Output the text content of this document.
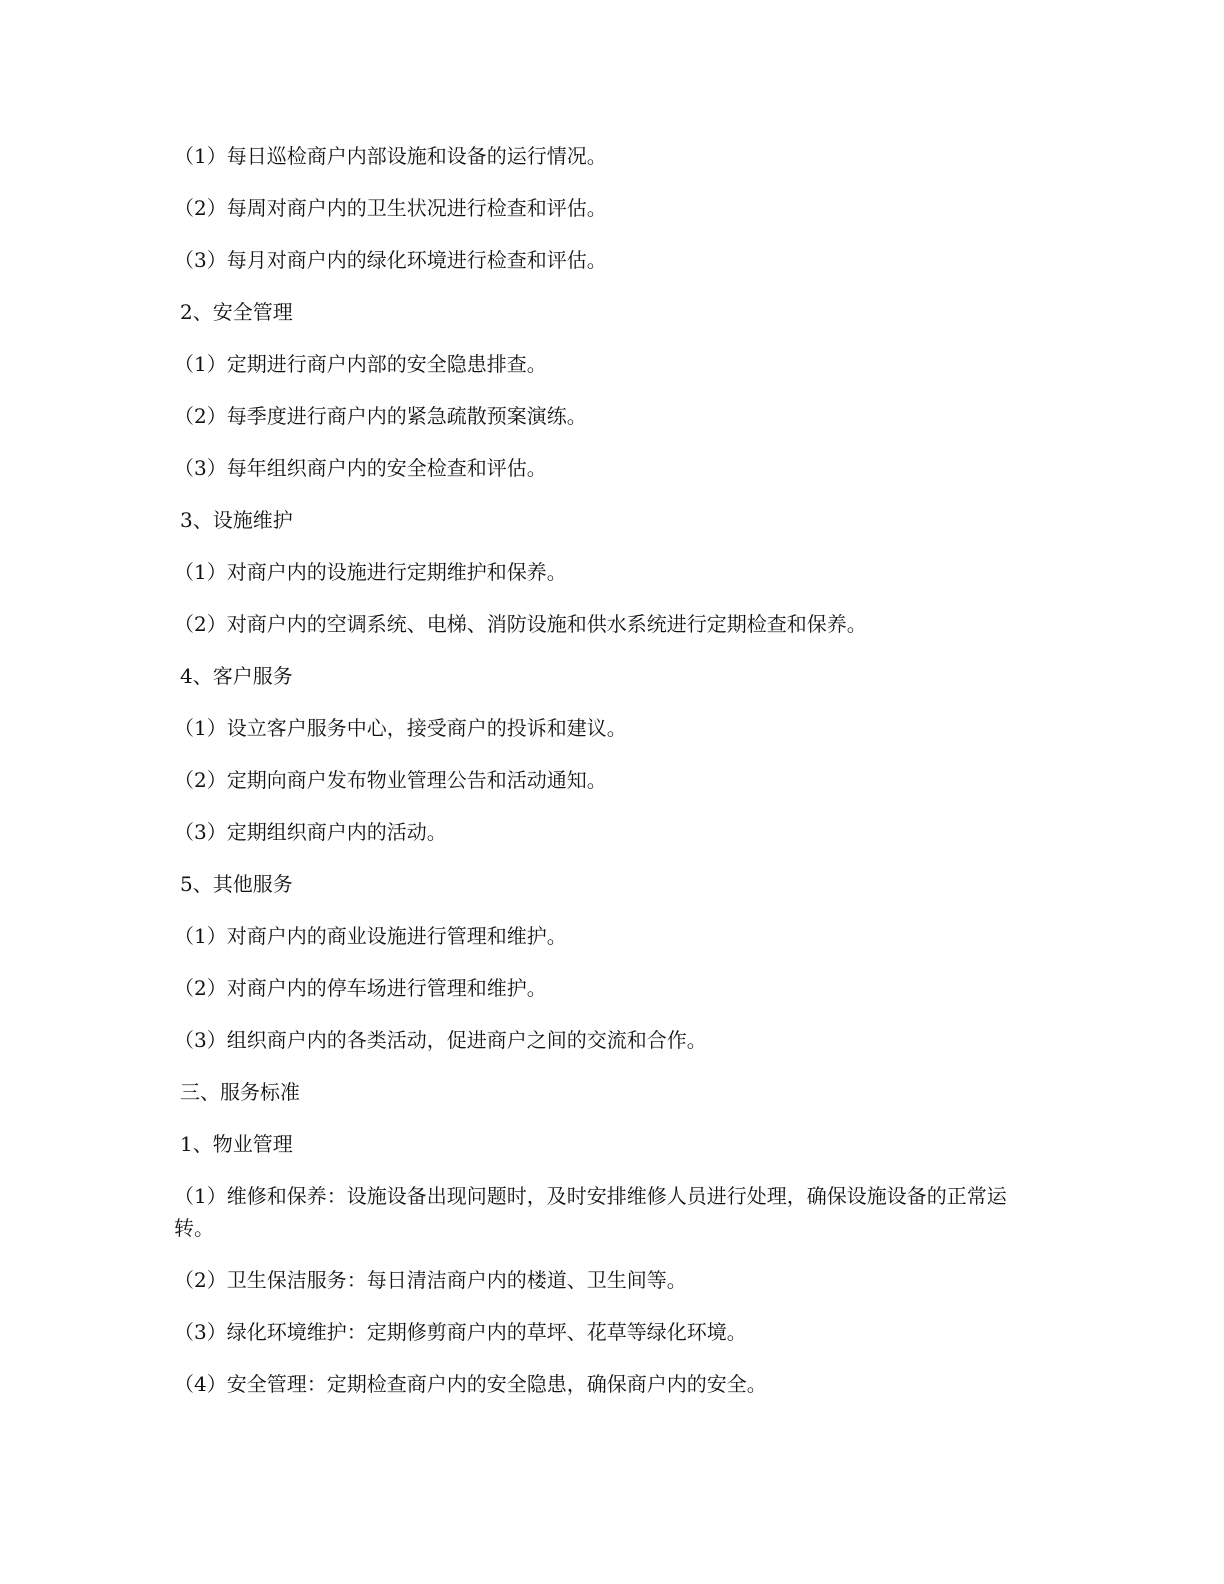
（1）每日巡检商户内部设施和设备的运行情况。

（2）每周对商户内的卫生状况进行检查和评估。

（3）每月对商户内的绿化环境进行检查和评估。

2、安全管理

（1）定期进行商户内部的安全隐患排查。

（2）每季度进行商户内的紧急疏散预案演练。

（3）每年组织商户内的安全检查和评估。

3、设施维护

（1）对商户内的设施进行定期维护和保养。

（2）对商户内的空调系统、电梯、消防设施和供水系统进行定期检查和保养。

4、客户服务

（1）设立客户服务中心，接受商户的投诉和建议。

（2）定期向商户发布物业管理公告和活动通知。

（3）定期组织商户内的活动。

5、其他服务

（1）对商户内的商业设施进行管理和维护。

（2）对商户内的停车场进行管理和维护。

（3）组织商户内的各类活动，促进商户之间的交流和合作。

三、服务标准

1、物业管理

（1）维修和保养：设施设备出现问题时，及时安排维修人员进行处理，确保设施设备的正常运转。

（2）卫生保洁服务：每日清洁商户内的楼道、卫生间等。

（3）绿化环境维护：定期修剪商户内的草坪、花草等绿化环境。

（4）安全管理：定期检查商户内的安全隐患，确保商户内的安全。
